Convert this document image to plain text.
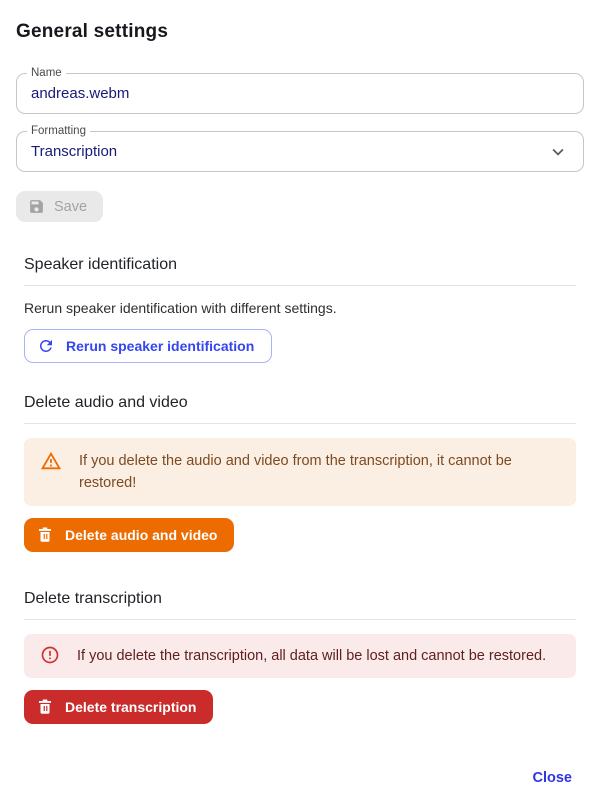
General settings
Name
andreas.webm
Formatting
Transcription
Save
Speaker identification

Rerun speaker identification with different settings.

Rerun speaker identification
Delete audio and video
If you delete the audio and video from the transcription, it cannot be restored!
Delete audio and video
Delete transcription
If you delete the transcription, all data will be lost and cannot be restored.
Delete transcription
Close
